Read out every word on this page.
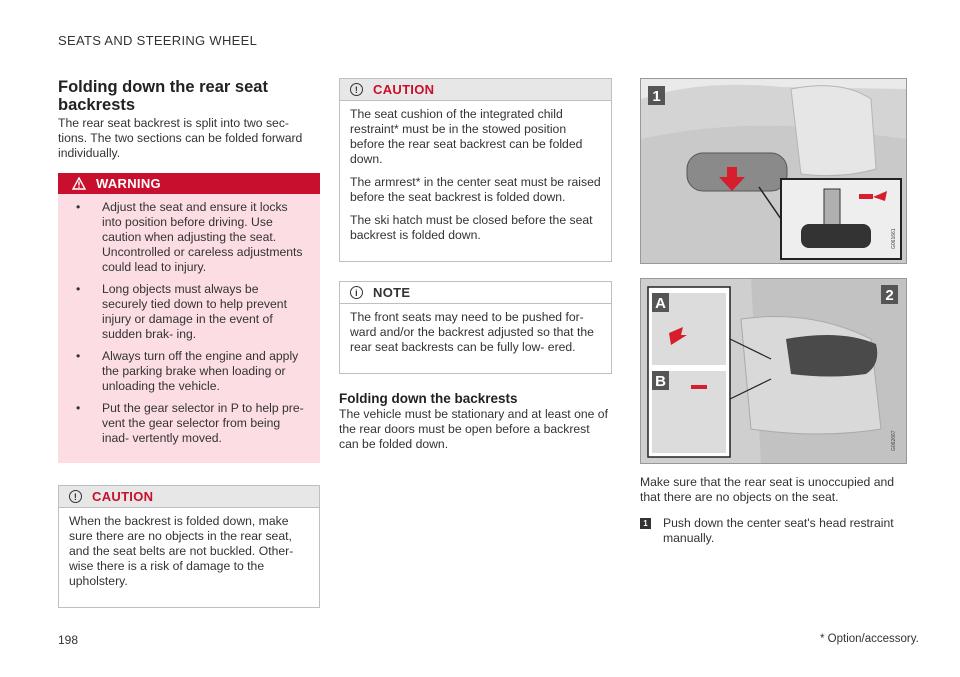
SEATS AND STEERING WHEEL
Folding down the rear seat backrests

The rear seat backrest is split into two sec- tions. The two sections can be folded forward individually.

WARNING
• Adjust the seat and ensure it locks into position before driving. Use caution when adjusting the seat. Uncontrolled or careless adjustments could lead to injury.
• Long objects must always be securely tied down to help prevent injury or damage in the event of sudden brak- ing.
• Always turn off the engine and apply the parking brake when loading or unloading the vehicle.
• Put the gear selector in P to help pre- vent the gear selector from being inad- vertently moved.
!	CAUTION

When the backrest is folded down, make sure there are no objects in the rear seat, and the seat belts are not buckled. Other- wise there is a risk of damage to the upholstery.

!	CAUTION

The seat cushion of the integrated child restraint* must be in the stowed position before the rear seat backrest can be folded down.

The armrest* in the center seat must be raised before the seat backrest is folded down.

The ski hatch must be closed before the seat backrest is folded down.

i	NOTE

The front seats may need to be pushed for- ward and/or the backrest adjusted so that the rear seat backrests can be fully low- ered.

Folding down the backrests

The vehicle must be stationary and at least one of the rear doors must be open before a backrest can be folded down.

1
G061661
A
B
2
G062667

Make sure that the rear seat is unoccupied and that there are no objects on the seat.

1 Push down the center seat's head restraint manually.
198	* Option/accessory.
